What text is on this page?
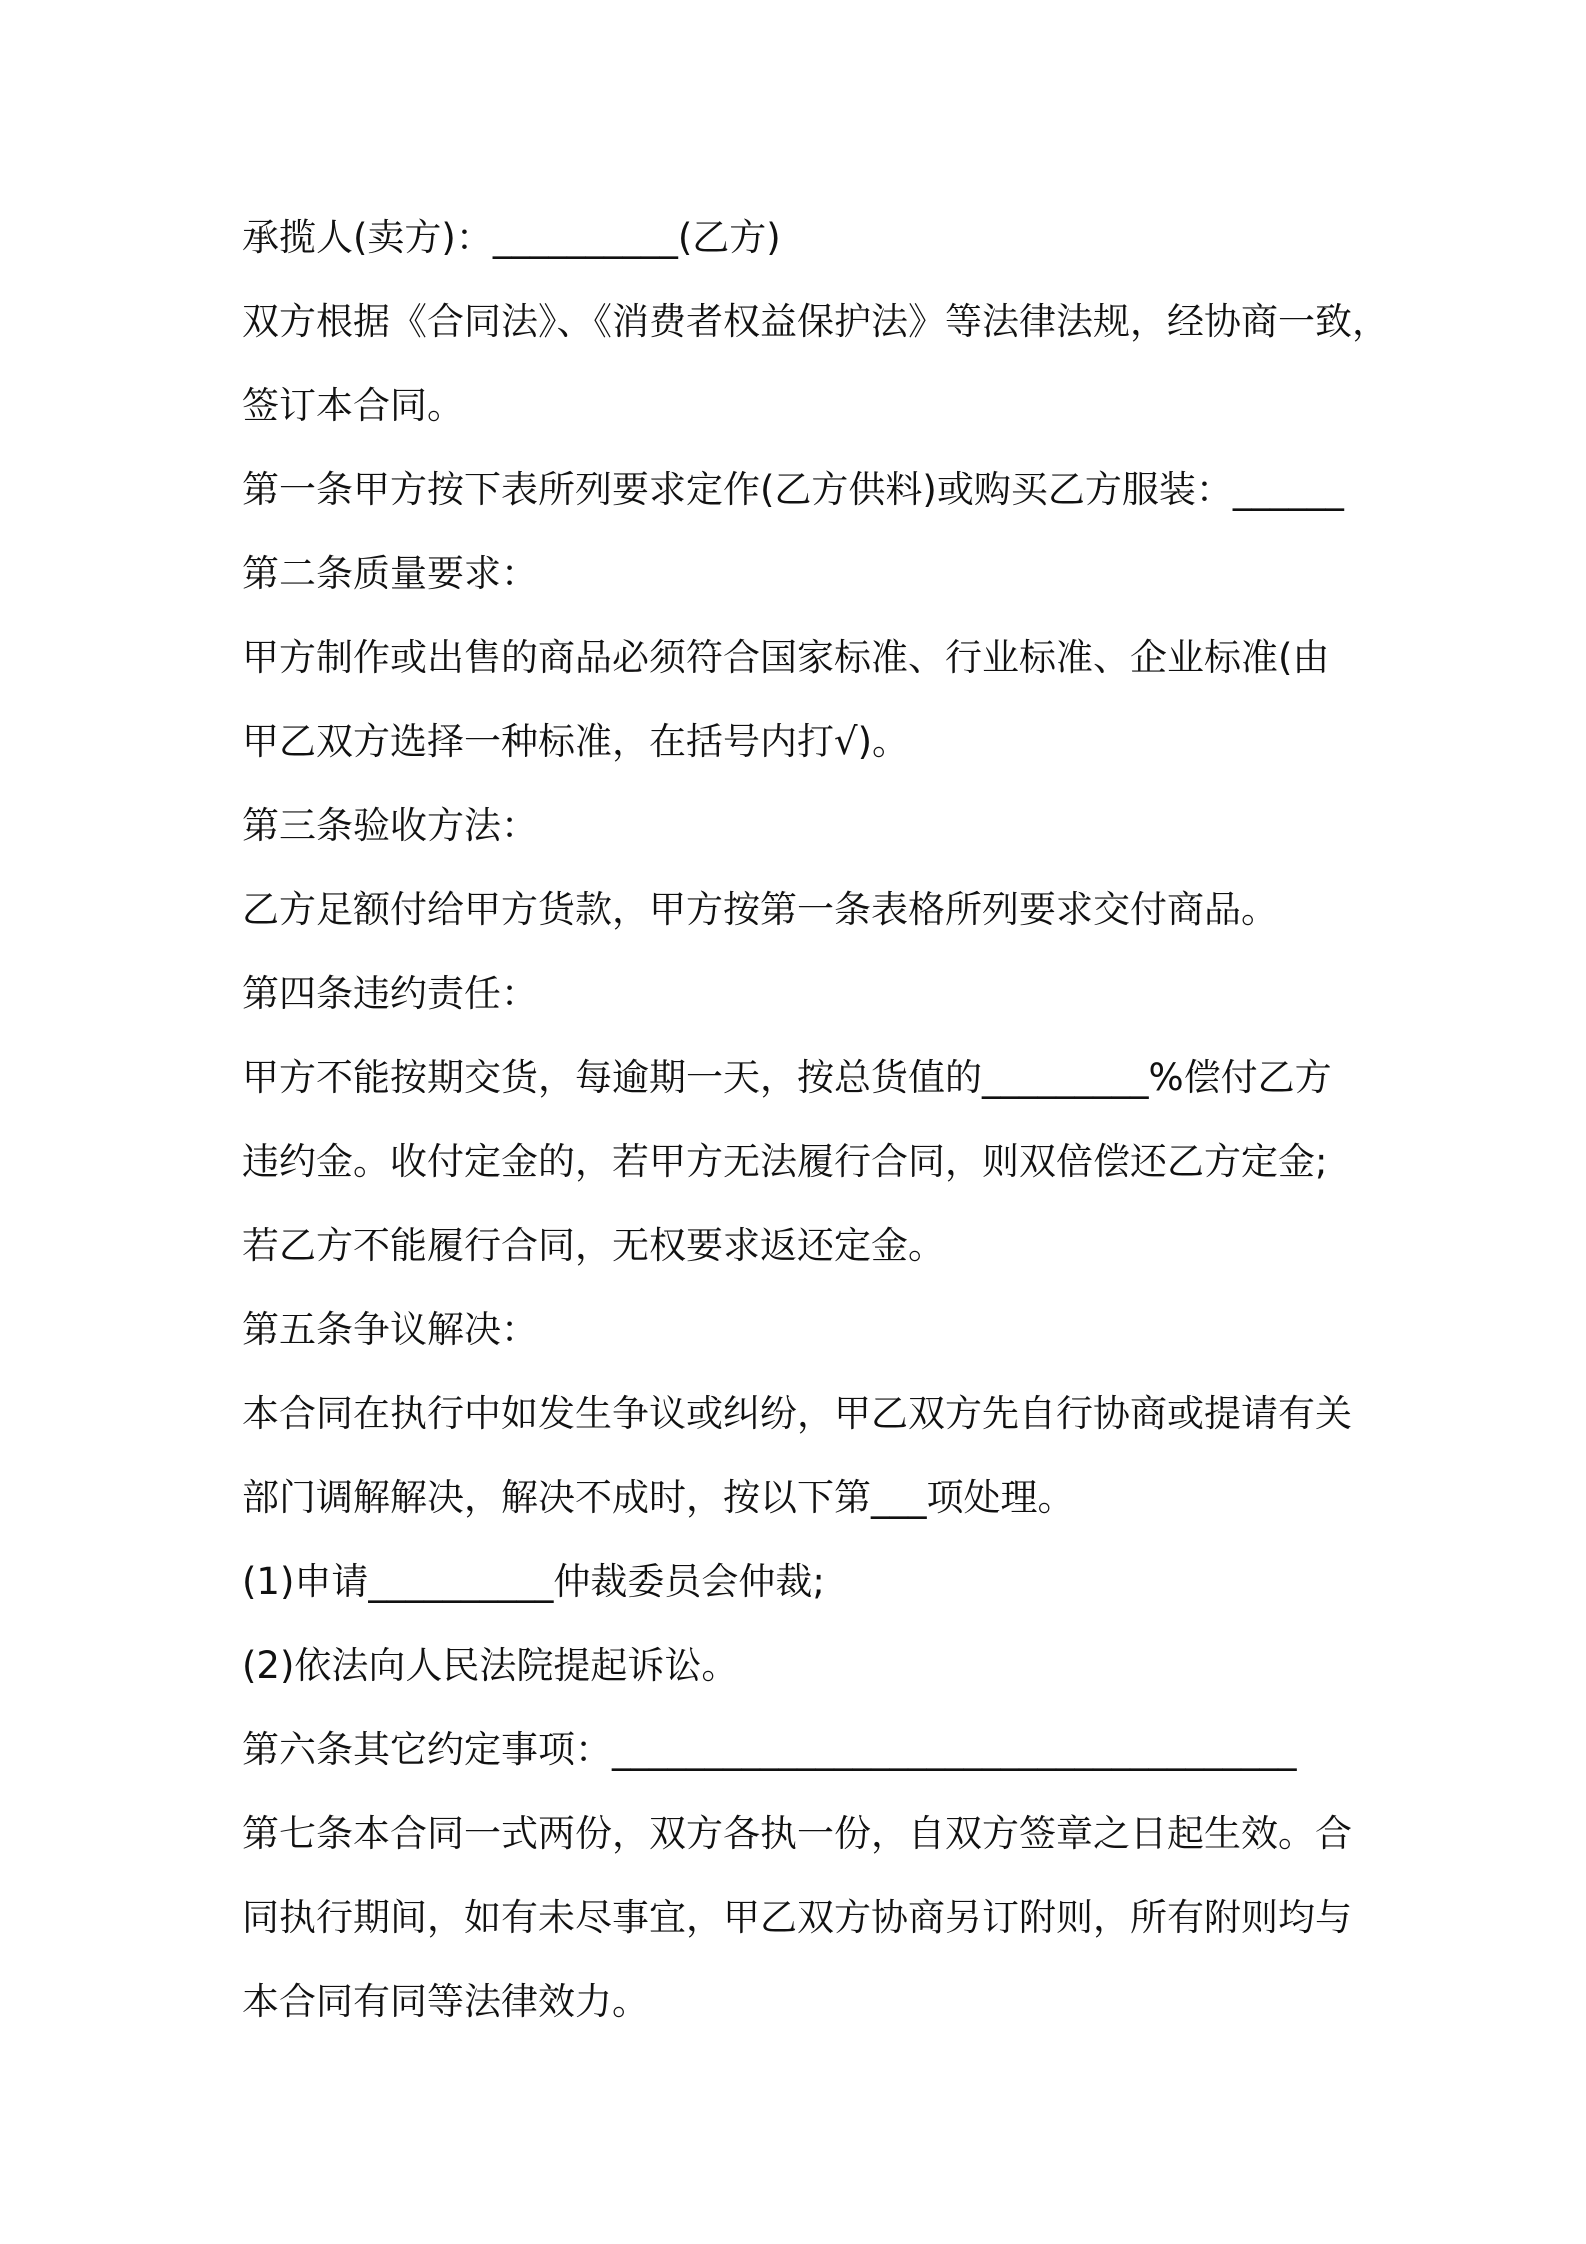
承揽人(卖方)：__________(乙方)
双方根据《合同法》、《消费者权益保护法》等法律法规，经协商一致，
签订本合同。
第一条甲方按下表所列要求定作(乙方供料)或购买乙方服装：______
第二条质量要求：
甲方制作或出售的商品必须符合国家标准、行业标准、企业标准(由
甲乙双方选择一种标准，在括号内打√)。
第三条验收方法：
乙方足额付给甲方货款，甲方按第一条表格所列要求交付商品。
第四条违约责任：
甲方不能按期交货，每逾期一天，按总货值的_________%偿付乙方
违约金。收付定金的，若甲方无法履行合同，则双倍偿还乙方定金;
若乙方不能履行合同，无权要求返还定金。
第五条争议解决：
本合同在执行中如发生争议或纠纷，甲乙双方先自行协商或提请有关
部门调解解决，解决不成时，按以下第___项处理。
(1)申请__________仲裁委员会仲裁;
(2)依法向人民法院提起诉讼。
第六条其它约定事项：_____________________________________
第七条本合同一式两份，双方各执一份，自双方签章之日起生效。合
同执行期间，如有未尽事宜，甲乙双方协商另订附则，所有附则均与
本合同有同等法律效力。
